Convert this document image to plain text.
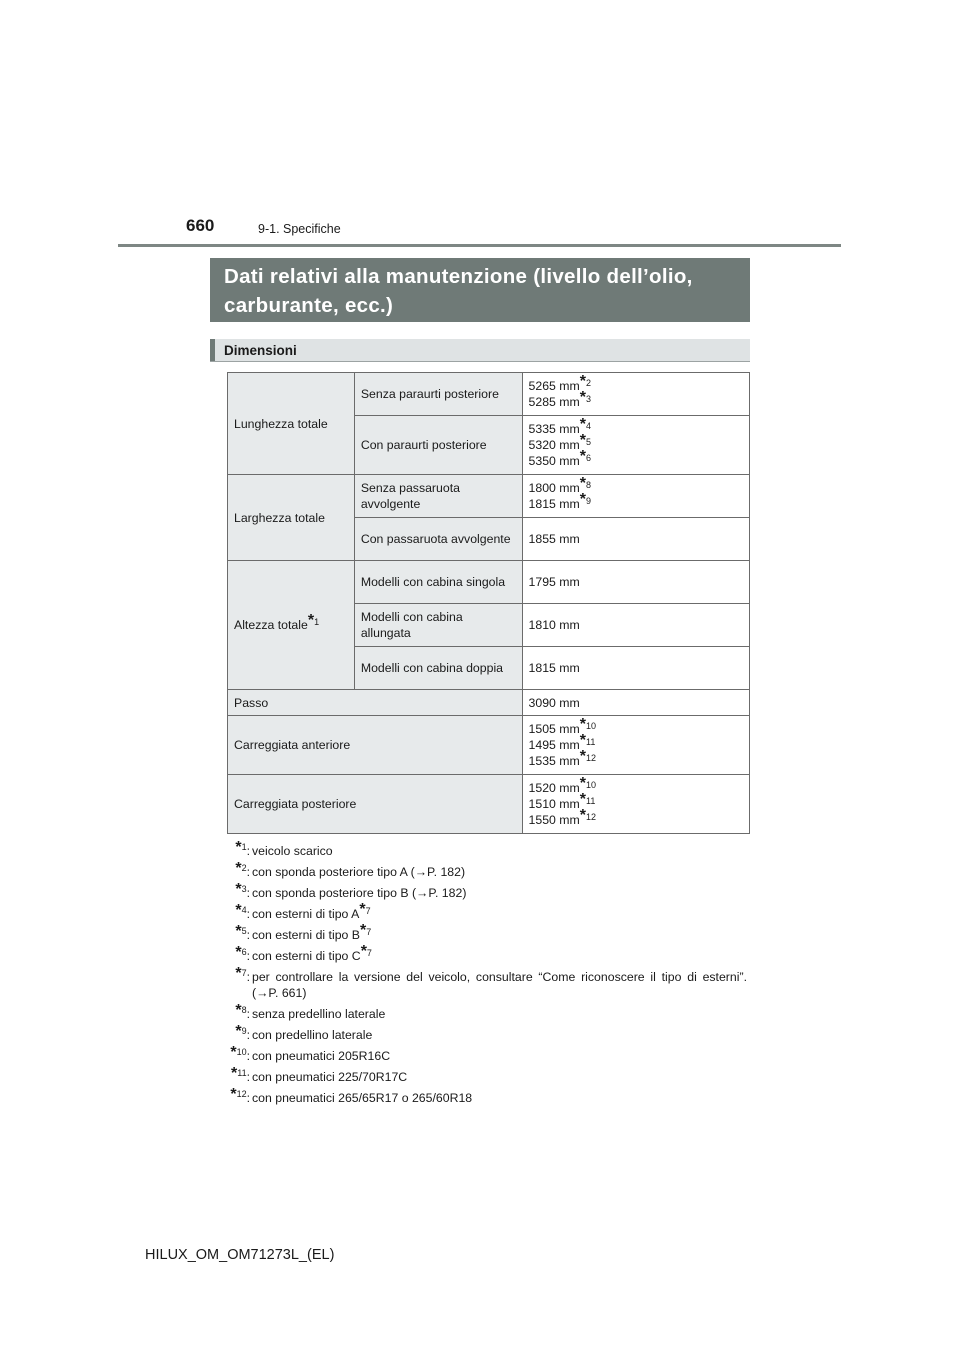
660	9-1. Specifiche
Dati relativi alla manutenzione (livello dell’olio, carburante, ecc.)
Dimensioni
Lunghezza totale	Senza paraurti posteriore	5265 $mm^{*2}$
5285 $mm^{*3}$
	Con paraurti posteriore	5335 $mm^{*4}$
5320 $mm^{*5}$
5350 $mm^{*6}$
Larghezza totale	Senza passaruota avvolgente	1800 $mm^{*8}$
1815 $mm^{*9}$
	Con passaruota avvolgente	1855 mm
Altezza totale$^{*1}$	Modelli con cabina singola	1795 mm
	Modelli con cabina allungata	1810 mm
	Modelli con cabina doppia	1815 mm
Passo		3090 mm
Carreggiata anteriore		1505 $mm^{*10}$
1495 $mm^{*11}$
1535 $mm^{*12}$
Carreggiata posteriore		1520 $mm^{*10}$
1510 $mm^{*11}$
1550 $mm^{*12}$
*$^1$: veicolo scarico
*$^2$: con sponda posteriore tipo A (→P. 182)
*$^3$: con sponda posteriore tipo B (→P. 182)
*$^4$: con esterni di tipo $A^{*7}$
*$^5$: con esterni di tipo $B^{*7}$
*$^6$: con esterni di tipo $C^{*7}$
*$^7$: per controllare la versione del veicolo, consultare “Come riconoscere il tipo di esterni”. (→P. 661)
*$^8$: senza predellino laterale
*$^9$: con predellino laterale
*$^{10}$: con pneumatici 205R16C
*$^{11}$: con pneumatici 225/70R17C
*$^{12}$: con pneumatici 265/65R17 o 265/60R18
HILUX_OM_OM71273L_(EL)
